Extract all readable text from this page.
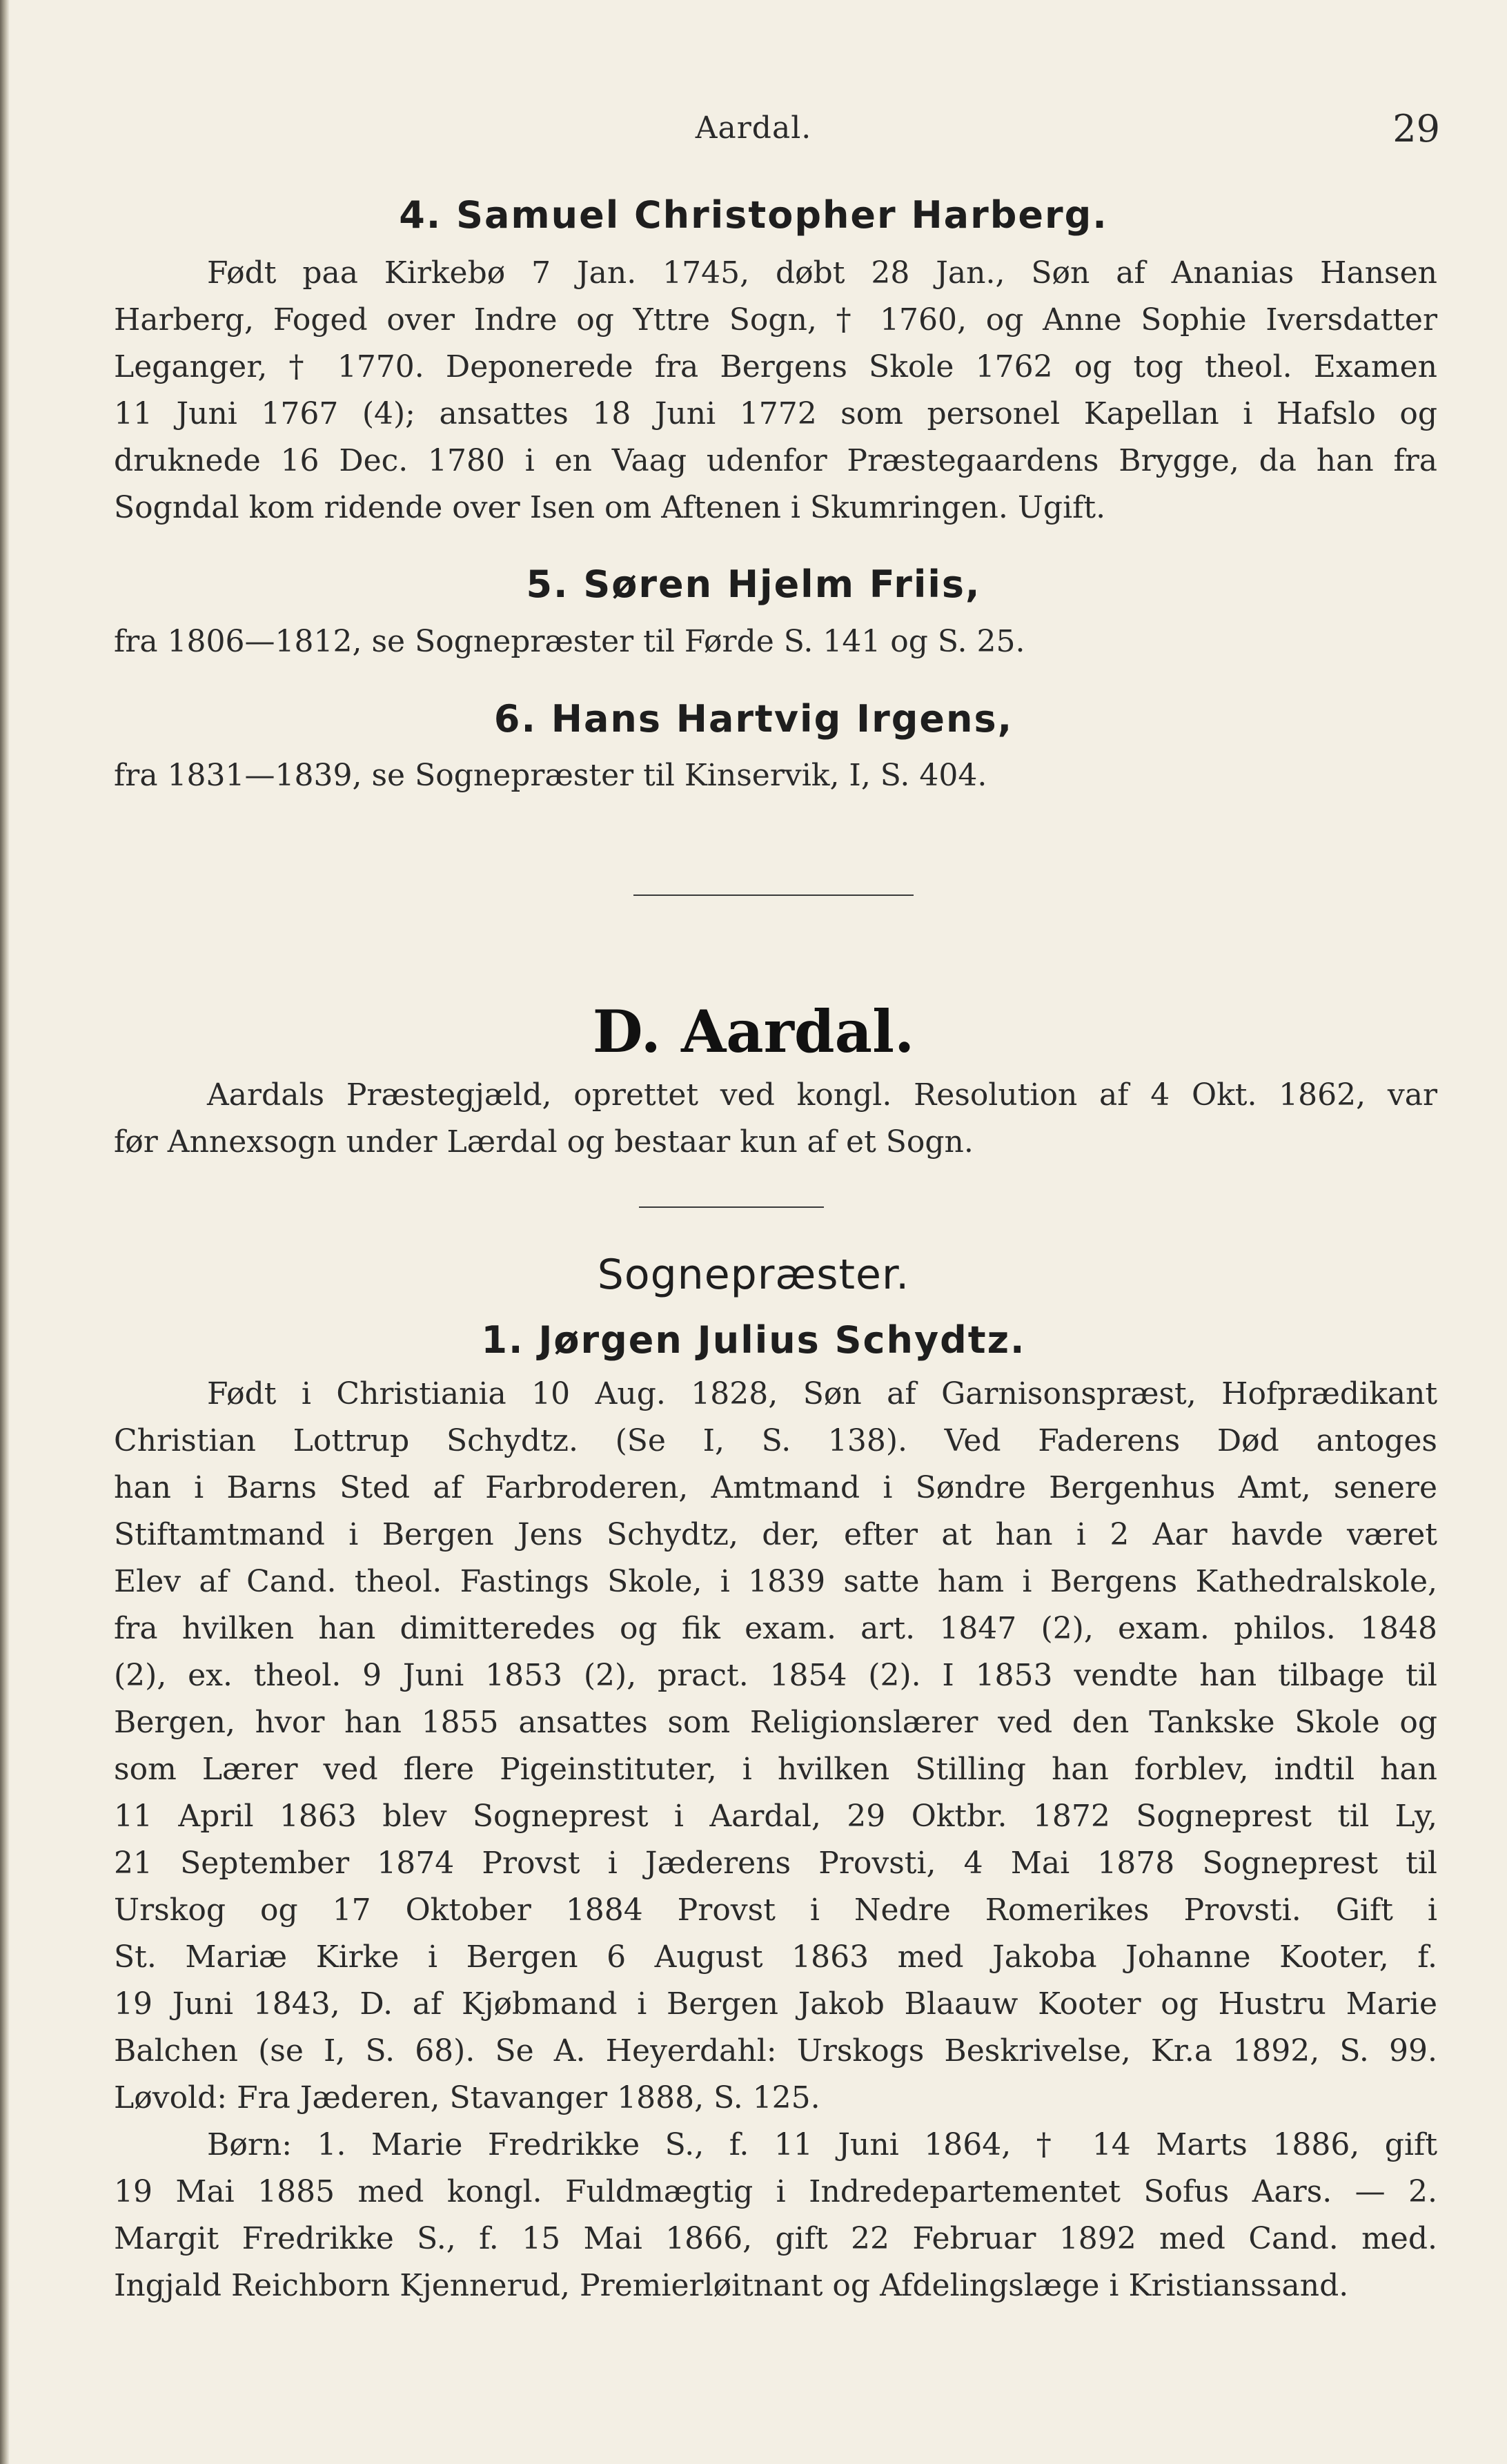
Aardal.	29
4. Samuel Christopher Harberg.
Født paa Kirkebø 7 Jan. 1745, døbt 28 Jan., Søn af Ananias Hansen
Harberg, Foged over Indre og Yttre Sogn, † 1760, og Anne Sophie Iversdatter
Leganger, † 1770. Deponerede fra Bergens Skole 1762 og tog theol. Examen
11 Juni 1767 (4); ansattes 18 Juni 1772 som personel Kapellan i Hafslo og
druknede 16 Dec. 1780 i en Vaag udenfor Præstegaardens Brygge, da han fra
Sogndal kom ridende over Isen om Aftenen i Skumringen. Ugift.
5. Søren Hjelm Friis,
fra 1806—1812, se Sognepræster til Førde S. 141 og S. 25.
6. Hans Hartvig Irgens,
fra 1831—1839, se Sognepræster til Kinservik, I, S. 404.
D. Aardal.
Aardals Præstegjæld, oprettet ved kongl. Resolution af 4 Okt. 1862, var
før Annexsogn under Lærdal og bestaar kun af et Sogn.
Sognepræster.
1. Jørgen Julius Schydtz.
Født i Christiania 10 Aug. 1828, Søn af Garnisonspræst, Hofprædikant
Christian Lottrup Schydtz. (Se I, S. 138). Ved Faderens Død antoges
han i Barns Sted af Farbroderen, Amtmand i Søndre Bergenhus Amt, senere
Stiftamtmand i Bergen Jens Schydtz, der, efter at han i 2 Aar havde været
Elev af Cand. theol. Fastings Skole, i 1839 satte ham i Bergens Kathedralskole,
fra hvilken han dimitteredes og fik exam. art. 1847 (2), exam. philos. 1848
(2), ex. theol. 9 Juni 1853 (2), pract. 1854 (2). I 1853 vendte han tilbage til
Bergen, hvor han 1855 ansattes som Religionslærer ved den Tankske Skole og
som Lærer ved flere Pigeinstituter, i hvilken Stilling han forblev, indtil han
11 April 1863 blev Sogneprest i Aardal, 29 Oktbr. 1872 Sogneprest til Ly,
21 September 1874 Provst i Jæderens Provsti, 4 Mai 1878 Sogneprest til
Urskog og 17 Oktober 1884 Provst i Nedre Romerikes Provsti. Gift i
St. Mariæ Kirke i Bergen 6 August 1863 med Jakoba Johanne Kooter, f.
19 Juni 1843, D. af Kjøbmand i Bergen Jakob Blaauw Kooter og Hustru Marie
Balchen (se I, S. 68). Se A. Heyerdahl: Urskogs Beskrivelse, Kr.a 1892, S. 99.
Løvold: Fra Jæderen, Stavanger 1888, S. 125.
Børn: 1. Marie Fredrikke S., f. 11 Juni 1864, † 14 Marts 1886, gift
19 Mai 1885 med kongl. Fuldmægtig i Indredepartementet Sofus Aars. — 2.
Margit Fredrikke S., f. 15 Mai 1866, gift 22 Februar 1892 med Cand. med.
Ingjald Reichborn Kjennerud, Premierløitnant og Afdelingslæge i Kristianssand.
